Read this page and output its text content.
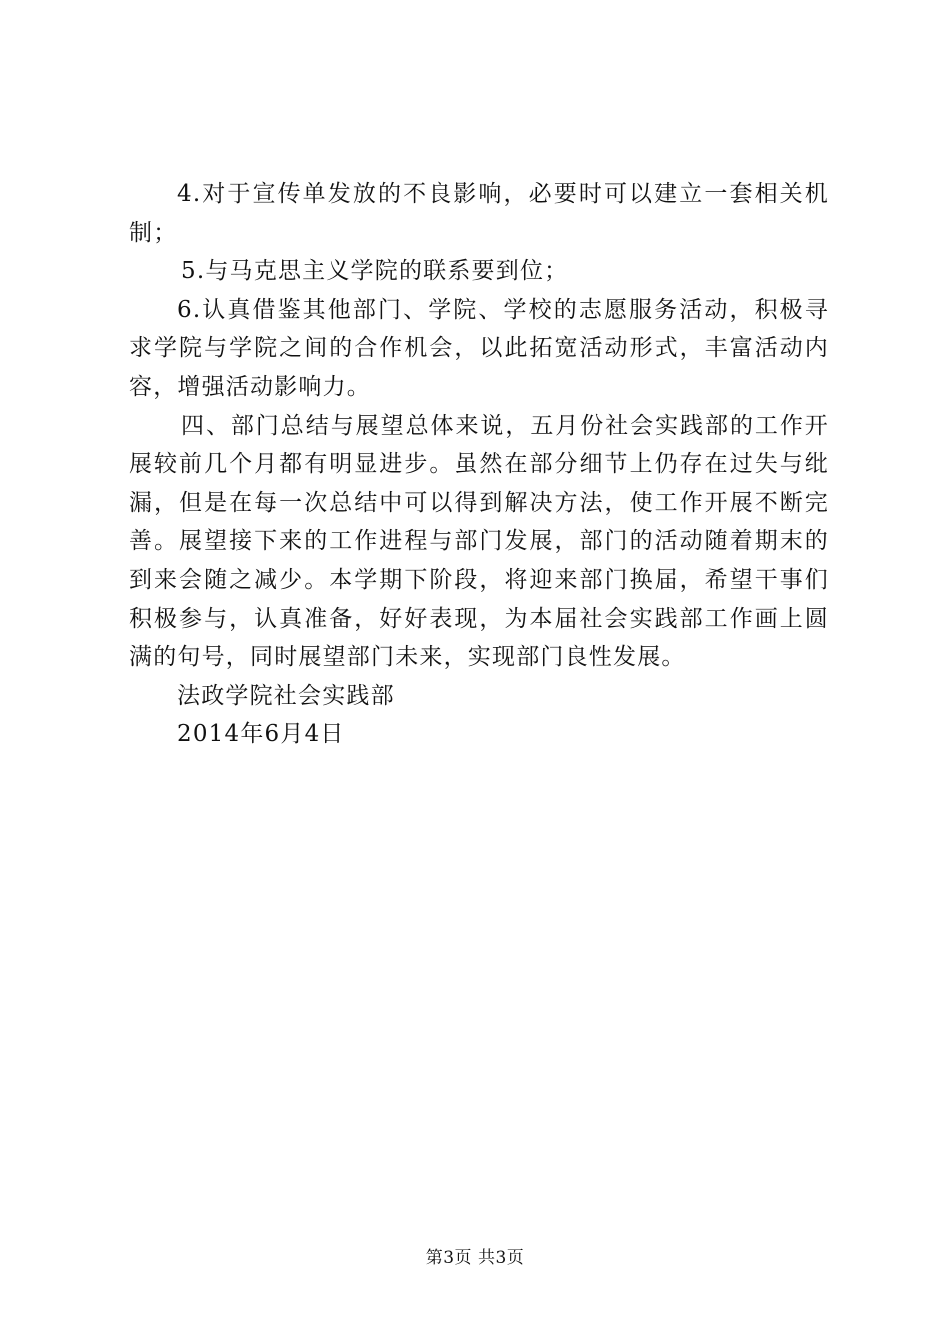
4.对于宣传单发放的不良影响，必要时可以建立一套相关机制；

5.与马克思主义学院的联系要到位；

6.认真借鉴其他部门、学院、学校的志愿服务活动，积极寻求学院与学院之间的合作机会，以此拓宽活动形式，丰富活动内容，增强活动影响力。

四、部门总结与展望总体来说，五月份社会实践部的工作开展较前几个月都有明显进步。虽然在部分细节上仍存在过失与纰漏，但是在每一次总结中可以得到解决方法，使工作开展不断完善。展望接下来的工作进程与部门发展，部门的活动随着期末的到来会随之减少。本学期下阶段，将迎来部门换届，希望干事们积极参与，认真准备，好好表现，为本届社会实践部工作画上圆满的句号，同时展望部门未来，实现部门良性发展。

法政学院社会实践部

2014年6月4日

第3页 共3页
